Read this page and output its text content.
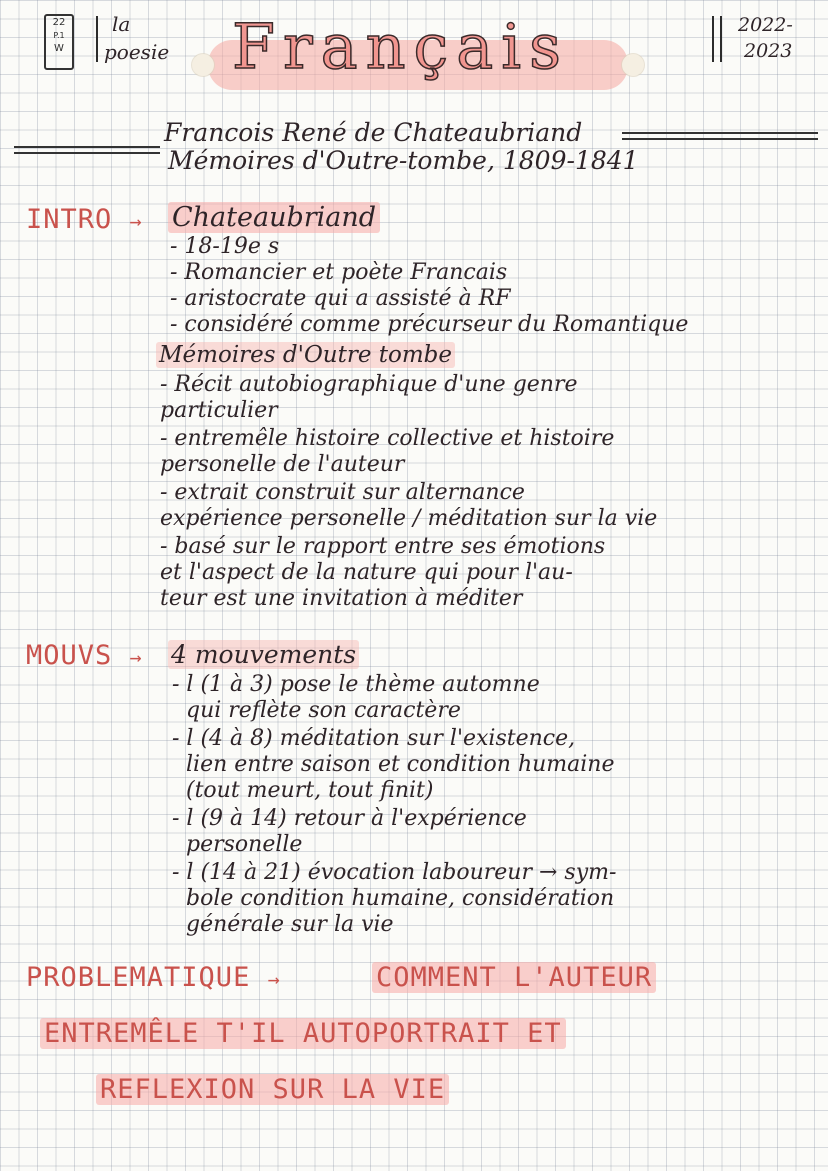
22
P.1
W
la
poesie Français	2022-
2023
Francois René de Chateaubriand
Mémoires d'Outre-tombe, 1809-1841
INTRO → Chateaubriand
- 18-19e s
- Romancier et poète Francais
- aristocrate qui a assisté à RF
- considéré comme précurseur du Romantique
Mémoires d'Outre tombe
- Récit autobiographique d'une genre
particulier
- entremêle histoire collective et histoire
personelle de l'auteur
- extrait construit sur alternance
expérience personelle / méditation sur la vie
- basé sur le rapport entre ses émotions
et l'aspect de la nature qui pour l'au-
teur est une invitation à méditer
MOUVS → 4 mouvements
- l (1 à 3) pose le thème automne
qui reflète son caractère
- l (4 à 8) méditation sur l'existence,
lien entre saison et condition humaine
(tout meurt, tout finit)
- l (9 à 14) retour à l'expérience
personelle
- l (14 à 21) évocation laboureur → sym-
bole condition humaine, considération
générale sur la vie
PROBLEMATIQUE →	COMMENT L'AUTEUR
ENTREMÊLE T'IL AUTOPORTRAIT ET
REFLEXION SUR LA VIE
